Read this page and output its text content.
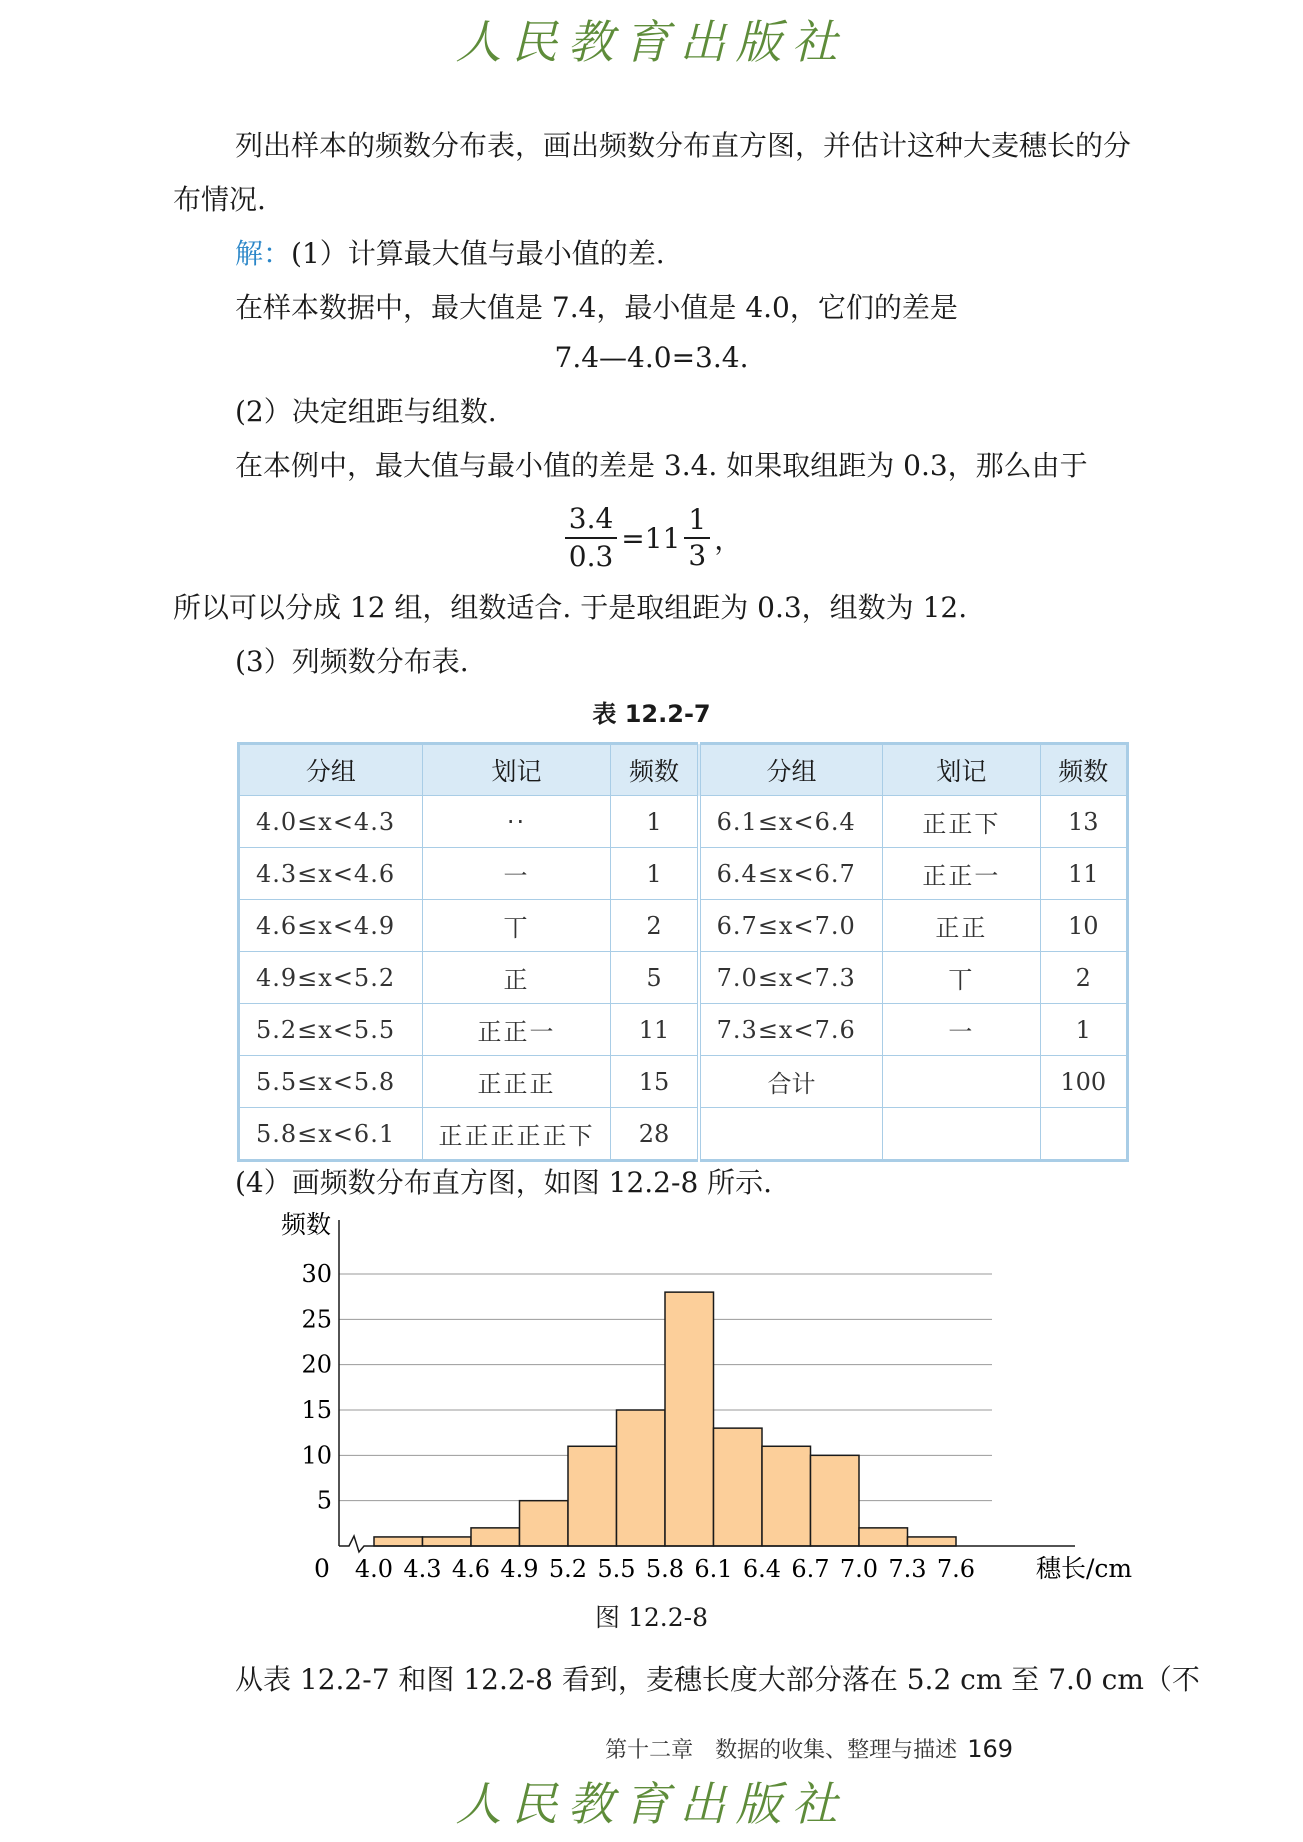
人民教育出版社
列出样本的频数分布表，画出频数分布直方图，并估计这种大麦穗长的分
布情况.
解：(1）计算最大值与最小值的差.
在样本数据中，最大值是 7.4，最小值是 4.0，它们的差是
7.4—4.0=3.4.
(2）决定组距与组数.
在本例中，最大值与最小值的差是 3.4. 如果取组距为 0.3，那么由于
$\frac{3.4}{0.3} =11 \frac{1}{3}$ ，
所以可以分成 12 组，组数适合. 于是取组距为 0.3，组数为 12.
(3）列频数分布表.
表 12.2-7
分组	划记	频数	分组	划记	频数
4.0≤x<4.3	··	1	6.1≤x<6.4	正正下	13
4.3≤x<4.6	一	1	6.4≤x<6.7	正正一	11
4.6≤x<4.9	丅	2	6.7≤x<7.0	正正	10
4.9≤x<5.2	正	5	7.0≤x<7.3	丅	2
5.2≤x<5.5	正正一	11	7.3≤x<7.6	一	1
5.5≤x<5.8	正正正	15	合计		100
5.8≤x<6.1	正正正正正下	28			
(4）画频数分布直方图，如图 12.2-8 所示.
5
10
15
20
25
30
4.0 4.3 4.6 4.9 5.2 5.5 5.8 6.1 6.4 6.7 7.0 7.3 7.6
频数
0	穗长/cm
图 12.2-8
从表 12.2-7 和图 12.2-8 看到，麦穗长度大部分落在 5.2 cm 至 7.0 cm（不
第十二章　数据的收集、整理与描述 169
人民教育出版社
